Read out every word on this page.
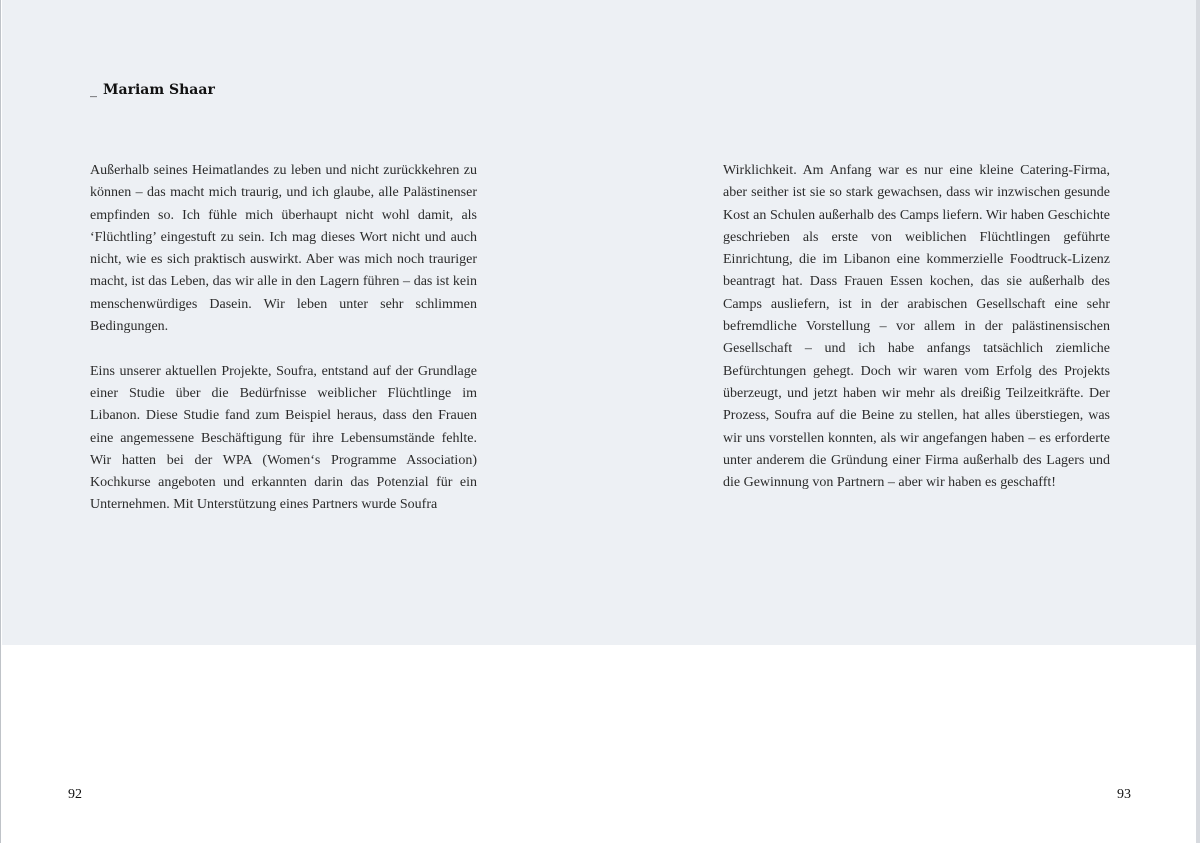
_ Mariam Shaar

Außerhalb seines Heimatlandes zu leben und nicht zurückkehren zu können – das macht mich traurig, und ich glaube, alle Palästinenser empfinden so. Ich fühle mich überhaupt nicht wohl damit, als ‘Flüchtling’ eingestuft zu sein. Ich mag dieses Wort nicht und auch nicht, wie es sich praktisch auswirkt. Aber was mich noch trauriger macht, ist das Leben, das wir alle in den Lagern führen – das ist kein menschenwürdiges Dasein. Wir leben unter sehr schlimmen Bedingungen.

Eins unserer aktuellen Projekte, Soufra, entstand auf der Grundlage einer Studie über die Bedürfnisse weiblicher Flüchtlinge im Libanon. Diese Studie fand zum Beispiel heraus, dass den Frauen eine angemessene Beschäftigung für ihre Lebensumstände fehlte. Wir hatten bei der WPA (Women‘s Programme Association) Kochkurse angeboten und erkannten darin das Potenzial für ein Unternehmen. Mit Unterstützung eines Partners wurde Soufra

Wirklichkeit. Am Anfang war es nur eine kleine Catering-Firma, aber seither ist sie so stark gewachsen, dass wir inzwischen gesunde Kost an Schulen außerhalb des Camps liefern. Wir haben Geschichte geschrieben als erste von weiblichen Flüchtlingen geführte Einrichtung, die im Libanon eine kommerzielle Foodtruck-Lizenz beantragt hat. Dass Frauen Essen kochen, das sie außerhalb des Camps ausliefern, ist in der arabischen Gesellschaft eine sehr befremdliche Vorstellung – vor allem in der palästinensischen Gesellschaft – und ich habe anfangs tatsächlich ziemliche Befürchtungen gehegt. Doch wir waren vom Erfolg des Projekts überzeugt, und jetzt haben wir mehr als dreißig Teilzeitkräfte. Der Prozess, Soufra auf die Beine zu stellen, hat alles überstiegen, was wir uns vorstellen konnten, als wir angefangen haben – es erforderte unter anderem die Gründung einer Firma außerhalb des Lagers und die Gewinnung von Partnern – aber wir haben es geschafft!

92	93
